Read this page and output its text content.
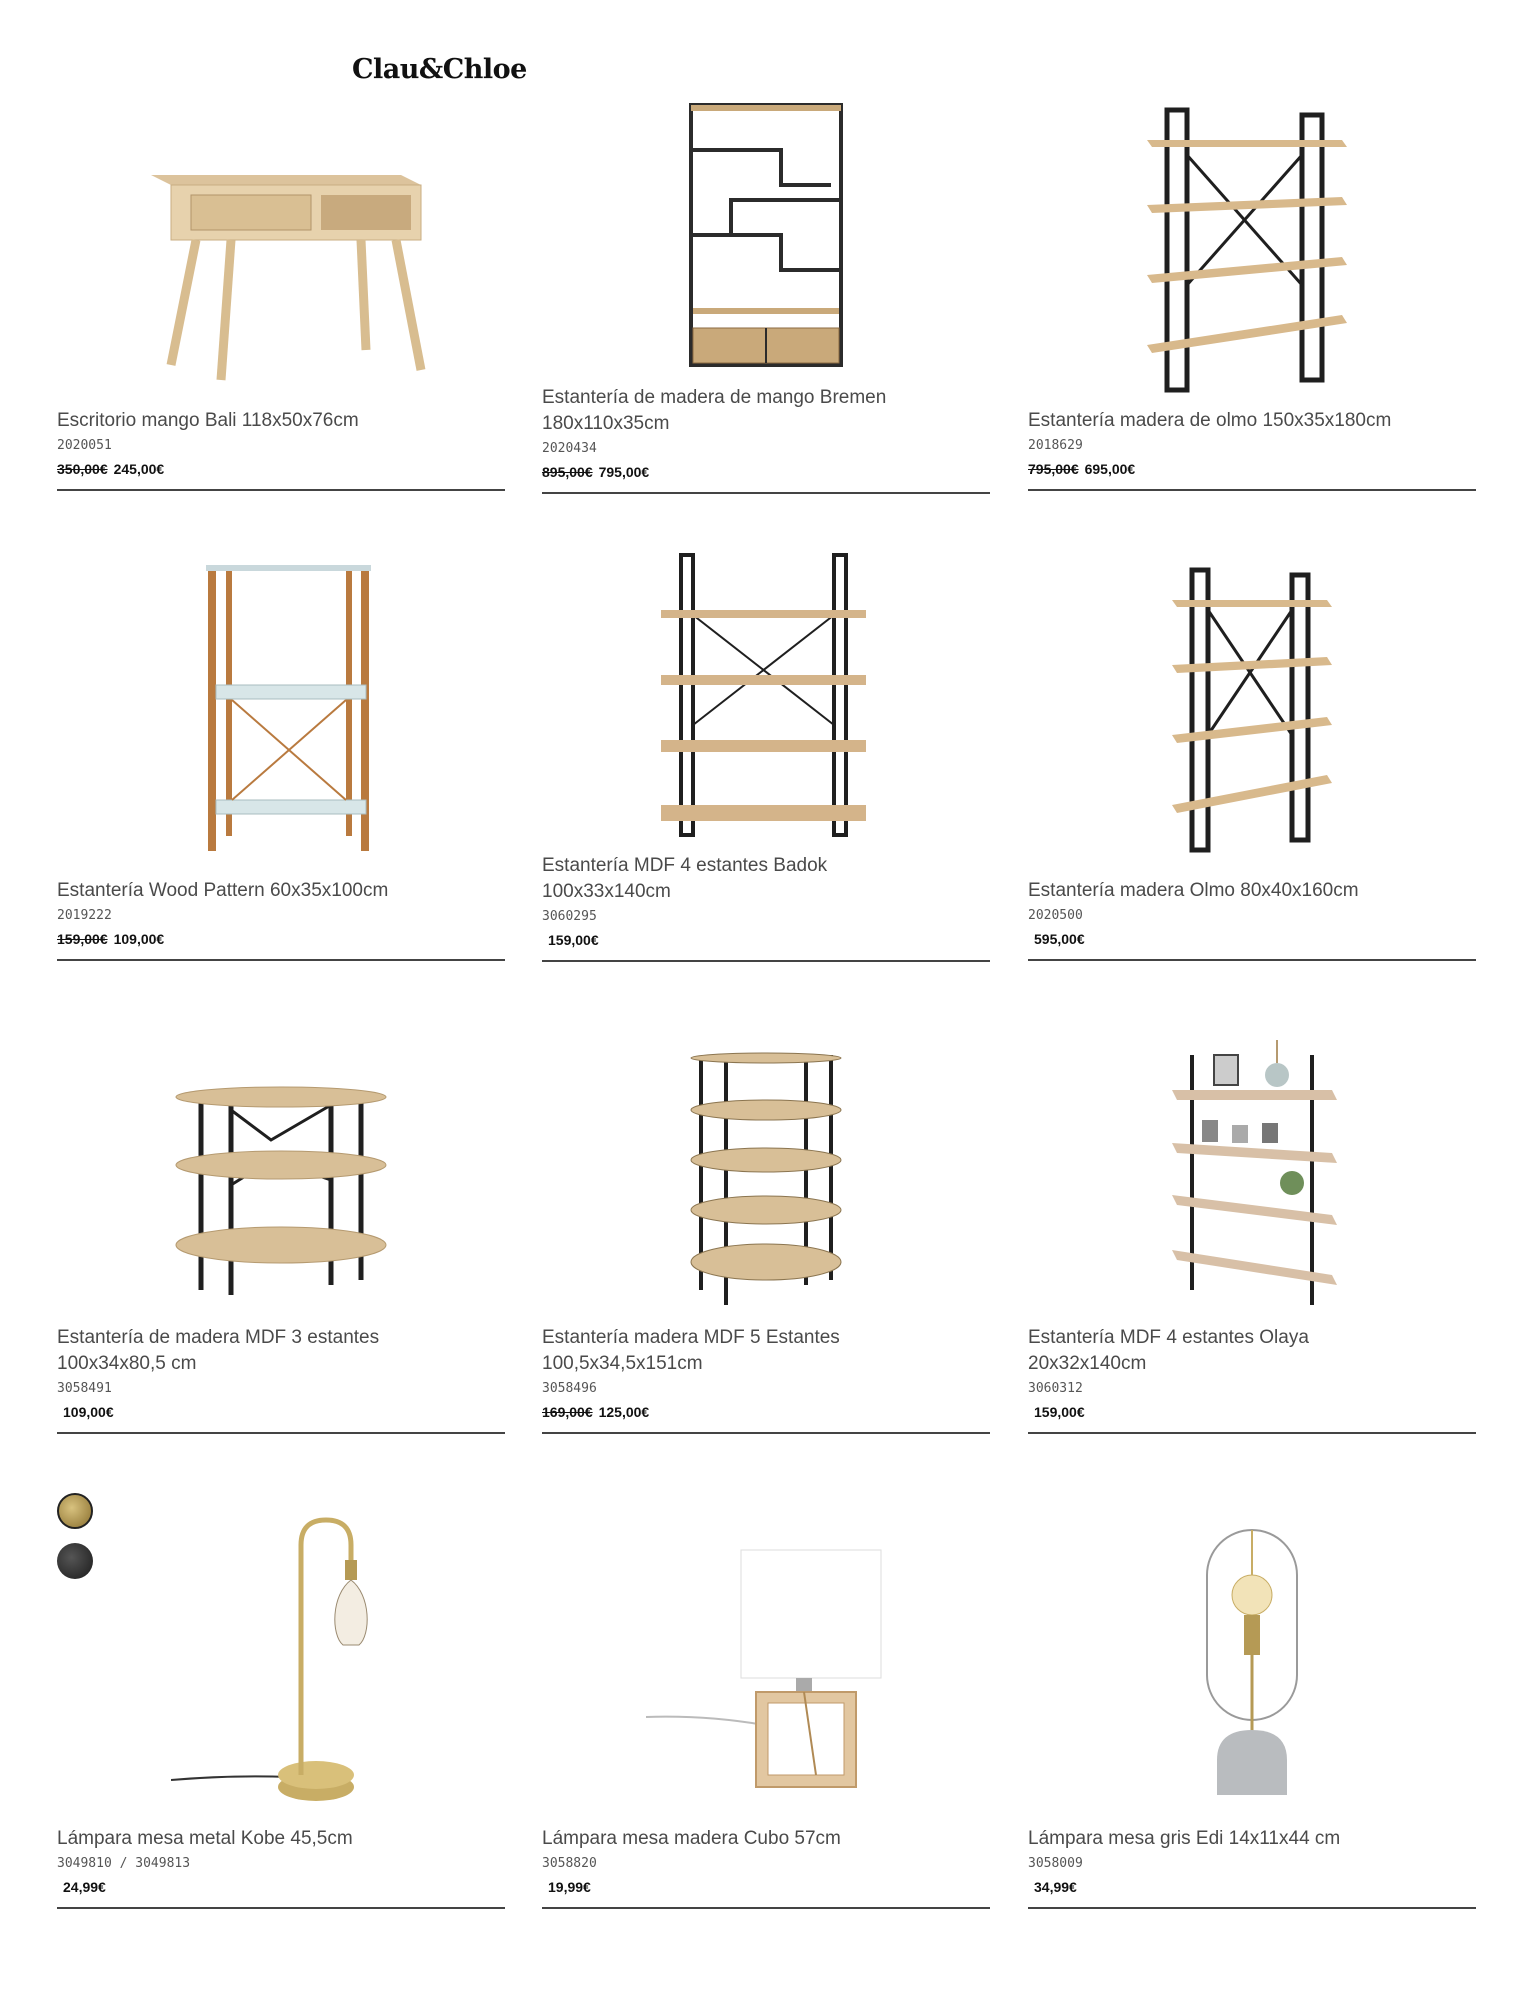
Clau&Chloe
Escritorio mango Bali 118x50x76cm
2020051
350,00€ 245,00€
Estantería de madera de mango Bremen
180x110x35cm
2020434
895,00€ 795,00€
Estantería madera de olmo 150x35x180cm
2018629
795,00€ 695,00€
Estantería Wood Pattern 60x35x100cm
2019222
159,00€ 109,00€
Estantería MDF 4 estantes Badok
100x33x140cm
3060295
159,00€
Estantería madera Olmo 80x40x160cm
2020500
595,00€
Estantería de madera MDF 3 estantes
100x34x80,5 cm
3058491
109,00€
Estantería madera MDF 5 Estantes
100,5x34,5x151cm
3058496
169,00€ 125,00€
Estantería MDF 4 estantes Olaya
20x32x140cm
3060312
159,00€
Lámpara mesa metal Kobe 45,5cm
3049810 / 3049813
24,99€
Lámpara mesa madera Cubo 57cm
3058820
19,99€
Lámpara mesa gris Edi 14x11x44 cm
3058009
34,99€
